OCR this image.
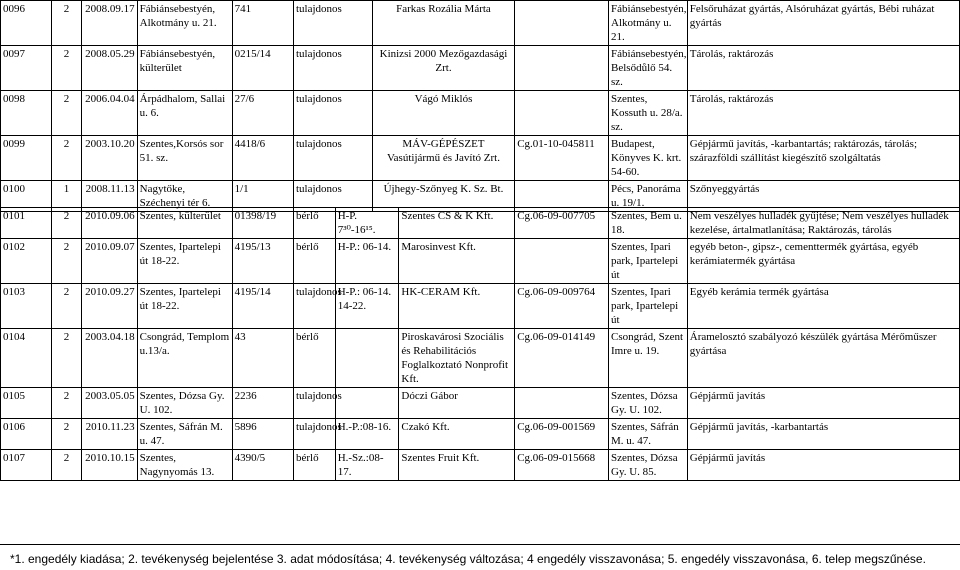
0096	2	2008.09.17	Fábiánsebestyén, Alkotmány u. 21.	741	tulajdonos	Farkas Rozália Márta		Fábiánsebestyén, Alkotmány u. 21.	Felsőruházat gyártás, Alsóruházat gyártás, Bébi ruházat gyártás
0097	2	2008.05.29	Fábiánsebestyén, külterület	0215/14	tulajdonos	Kinizsi 2000 Mezőgazdasági Zrt.		Fábiánsebestyén, Belsődůlő 54. sz.	Tárolás, raktározás
0098	2	2006.04.04	Árpádhalom, Sallai u. 6.	27/6	tulajdonos	Vágó Miklós		Szentes, Kossuth u. 28/a. sz.	Tárolás, raktározás
0099	2	2003.10.20	Szentes,Korsós sor 51. sz.	4418/6	tulajdonos	MÁV-GÉPÉSZET Vasútijármű és Javító Zrt.	Cg.01-10-045811	Budapest, Könyves K. krt. 54-60.	Gépjármű javítás, -karbantartás; raktározás, tárolás; szárazföldi szállítást kiegészítő szolgáltatás
0100	1	2008.11.13	Nagytőke, Széchenyi tér 6.	1/1	tulajdonos	Újhegy-Szőnyeg K. Sz. Bt.		Pécs, Panoráma u. 19/1.	Szőnyeggyártás
0101	2	2010.09.06	Szentes, külterület	01398/19	bérlő	H-P. 7³⁰-16¹⁵.	Szentes CS & K Kft.	Cg.06-09-007705	Szentes, Bem u. 18.	Nem veszélyes hulladék gyűjtése; Nem veszélyes hulladék kezelése, ártalmatlanítása; Raktározás, tárolás
0102	2	2010.09.07	Szentes, Ipartelepi út 18-22.	4195/13	bérlő	H-P.: 06-14.	Marosinvest Kft.		Szentes, Ipari park, Ipartelepi út	egyéb beton-, gipsz-, cementtermék gyártása, egyéb kerámiatermék gyártása
0103	2	2010.09.27	Szentes, Ipartelepi út 18-22.	4195/14	tulajdonos	H-P.: 06-14. 14-22.	HK-CERAM Kft.	Cg.06-09-009764	Szentes, Ipari park, Ipartelepi út	Egyéb kerámia termék gyártása
0104	2	2003.04.18	Csongrád, Templom u.13/a.	43	bérlő		Piroskavárosi Szociális és Rehabilitációs Foglalkoztató Nonprofit Kft.	Cg.06-09-014149	Csongrád, Szent Imre u. 19.	Áramelosztó szabályozó készülék gyártása Mérőműszer gyártása
0105	2	2003.05.05	Szentes, Dózsa Gy. U. 102.	2236	tulajdonos		Dóczi Gábor		Szentes, Dózsa Gy. U. 102.	Gépjármű javítás
0106	2	2010.11.23	Szentes, Sáfrán M. u. 47.	5896	tulajdonos	H.-P.:08-16.	Czakó Kft.	Cg.06-09-001569	Szentes, Sáfrán M. u. 47.	Gépjármű javítás, -karbantartás
0107	2	2010.10.15	Szentes, Nagynyomás 13.	4390/5	bérlő	H.-Sz.:08-17.	Szentes Fruit Kft.	Cg.06-09-015668	Szentes, Dózsa Gy. U. 85.	Gépjármű javítás
*1. engedély kiadása; 2. tevékenység bejelentése 3. adat módosítása; 4. tevékenység változása; 4 engedély visszavonása; 5. engedély visszavonása, 6. telep megszűnése.
